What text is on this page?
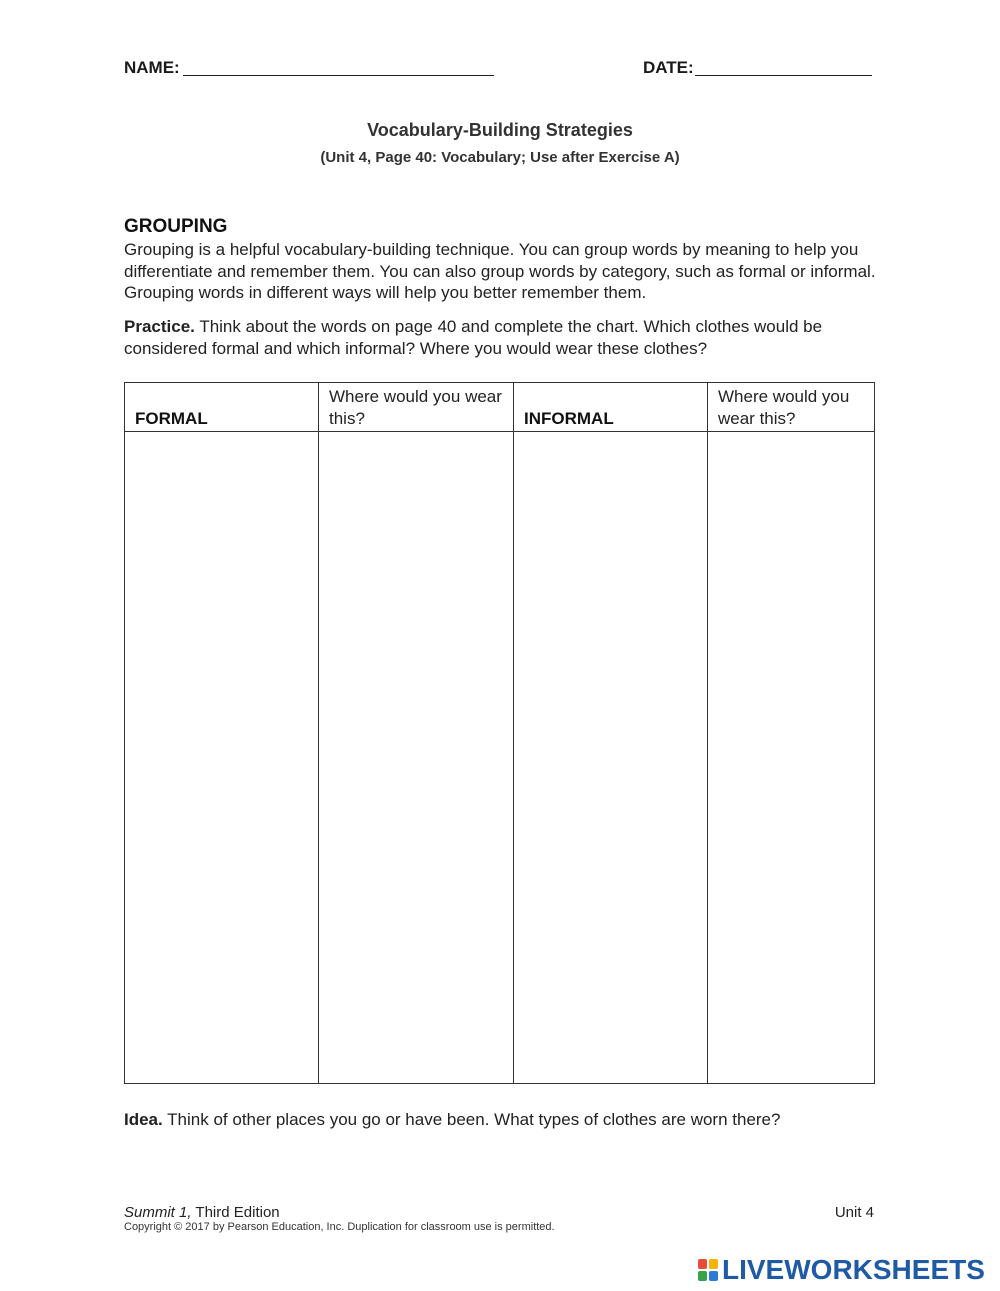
NAME:	DATE:
Vocabulary-Building Strategies
(Unit 4, Page 40: Vocabulary; Use after Exercise A)
GROUPING
Grouping is a helpful vocabulary-building technique. You can group words by meaning to help you differentiate and remember them. You can also group words by category, such as formal or informal. Grouping words in different ways will help you better remember them.
Practice. Think about the words on page 40 and complete the chart. Which clothes would be considered formal and which informal? Where you would wear these clothes?
FORMAL	Where would you wear this?	INFORMAL	Where would you wear this?

Idea. Think of other places you go or have been. What types of clothes are worn there?
Summit 1, Third Edition	Unit 4
Copyright © 2017 by Pearson Education, Inc. Duplication for classroom use is permitted.
LIVEWORKSHEETS
